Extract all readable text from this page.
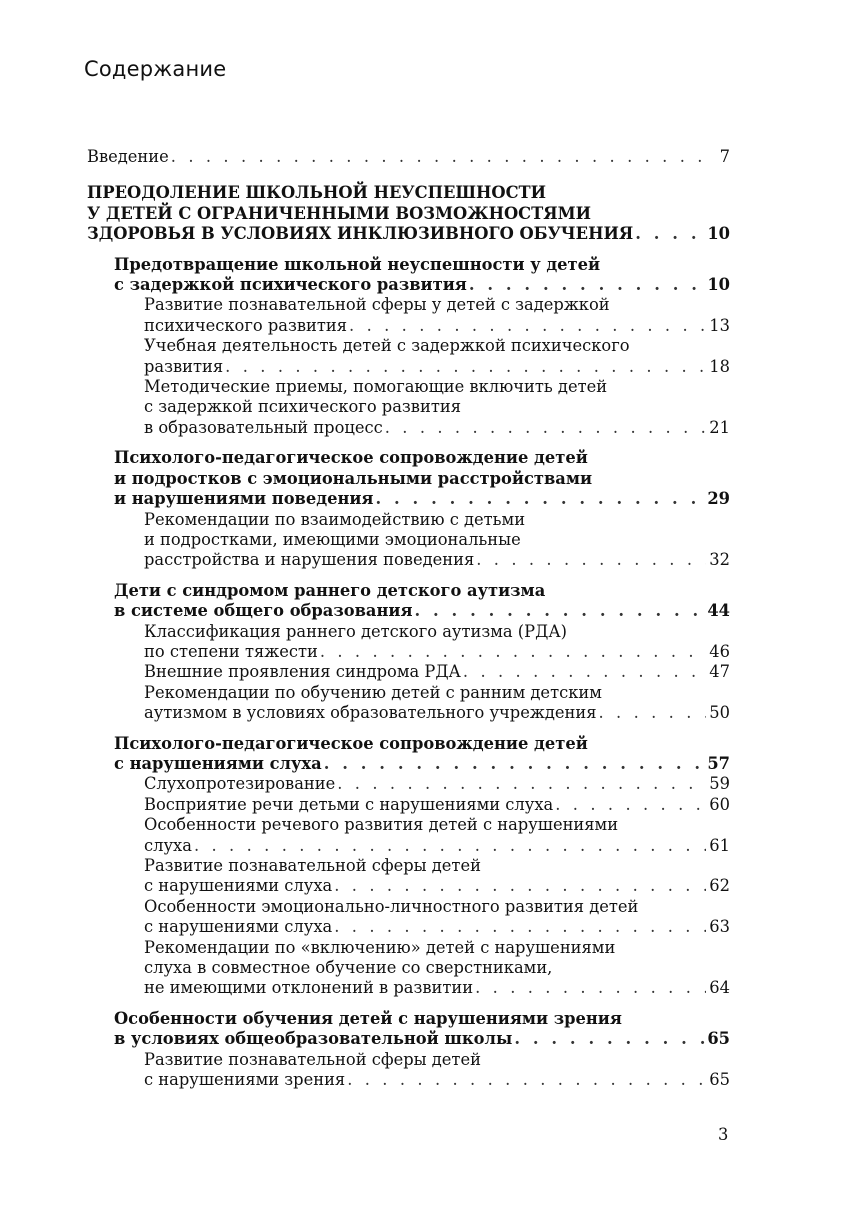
Содержание
Введение . . .	7
ПРЕОДОЛЕНИЕ ШКОЛЬНОЙ НЕУСПЕШНОСТИ
У ДЕТЕЙ С ОГРАНИЧЕННЫМИ ВОЗМОЖНОСТЯМИ
ЗДОРОВЬЯ В УСЛОВИЯХ ИНКЛЮЗИВНОГО ОБУЧЕНИЯ . . .	10
Предотвращение школьной неуспешности у детей
с задержкой психического развития . . .	10
Развитие познавательной сферы у детей с задержкой
психического развития . . .	13
Учебная деятельность детей с задержкой психического
развития . . .	18
Методические приемы, помогающие включить детей
с задержкой психического развития
в образовательный процесс . . .	21
Психолого-педагогическое сопровождение детей
и подростков с эмоциональными расстройствами
и нарушениями поведения . . .	29
Рекомендации по взаимодействию с детьми
и подростками, имеющими эмоциональные
расстройства и нарушения поведения . . .	32
Дети с синдромом раннего детского аутизма
в системе общего образования . . .	44
Классификация раннего детского аутизма (РДА)
по степени тяжести . . .	46
Внешние проявления синдрома РДА . . .	47
Рекомендации по обучению детей с ранним детским
аутизмом в условиях образовательного учреждения . . .	50
Психолого-педагогическое сопровождение детей
с нарушениями слуха . . .	57
Слухопротезирование . . .	59
Восприятие речи детьми с нарушениями слуха . . .	60
Особенности речевого развития детей с нарушениями
слуха . . .	61
Развитие познавательной сферы детей
с нарушениями слуха . . .	62
Особенности эмоционально-личностного развития детей
с нарушениями слуха . . .	63
Рекомендации по «включению» детей с нарушениями
слуха в совместное обучение со сверстниками,
не имеющими отклонений в развитии . . .	64
Особенности обучения детей с нарушениями зрения
в условиях общеобразовательной школы . . .	65
Развитие познавательной сферы детей
с нарушениями зрения . . .	65
3
